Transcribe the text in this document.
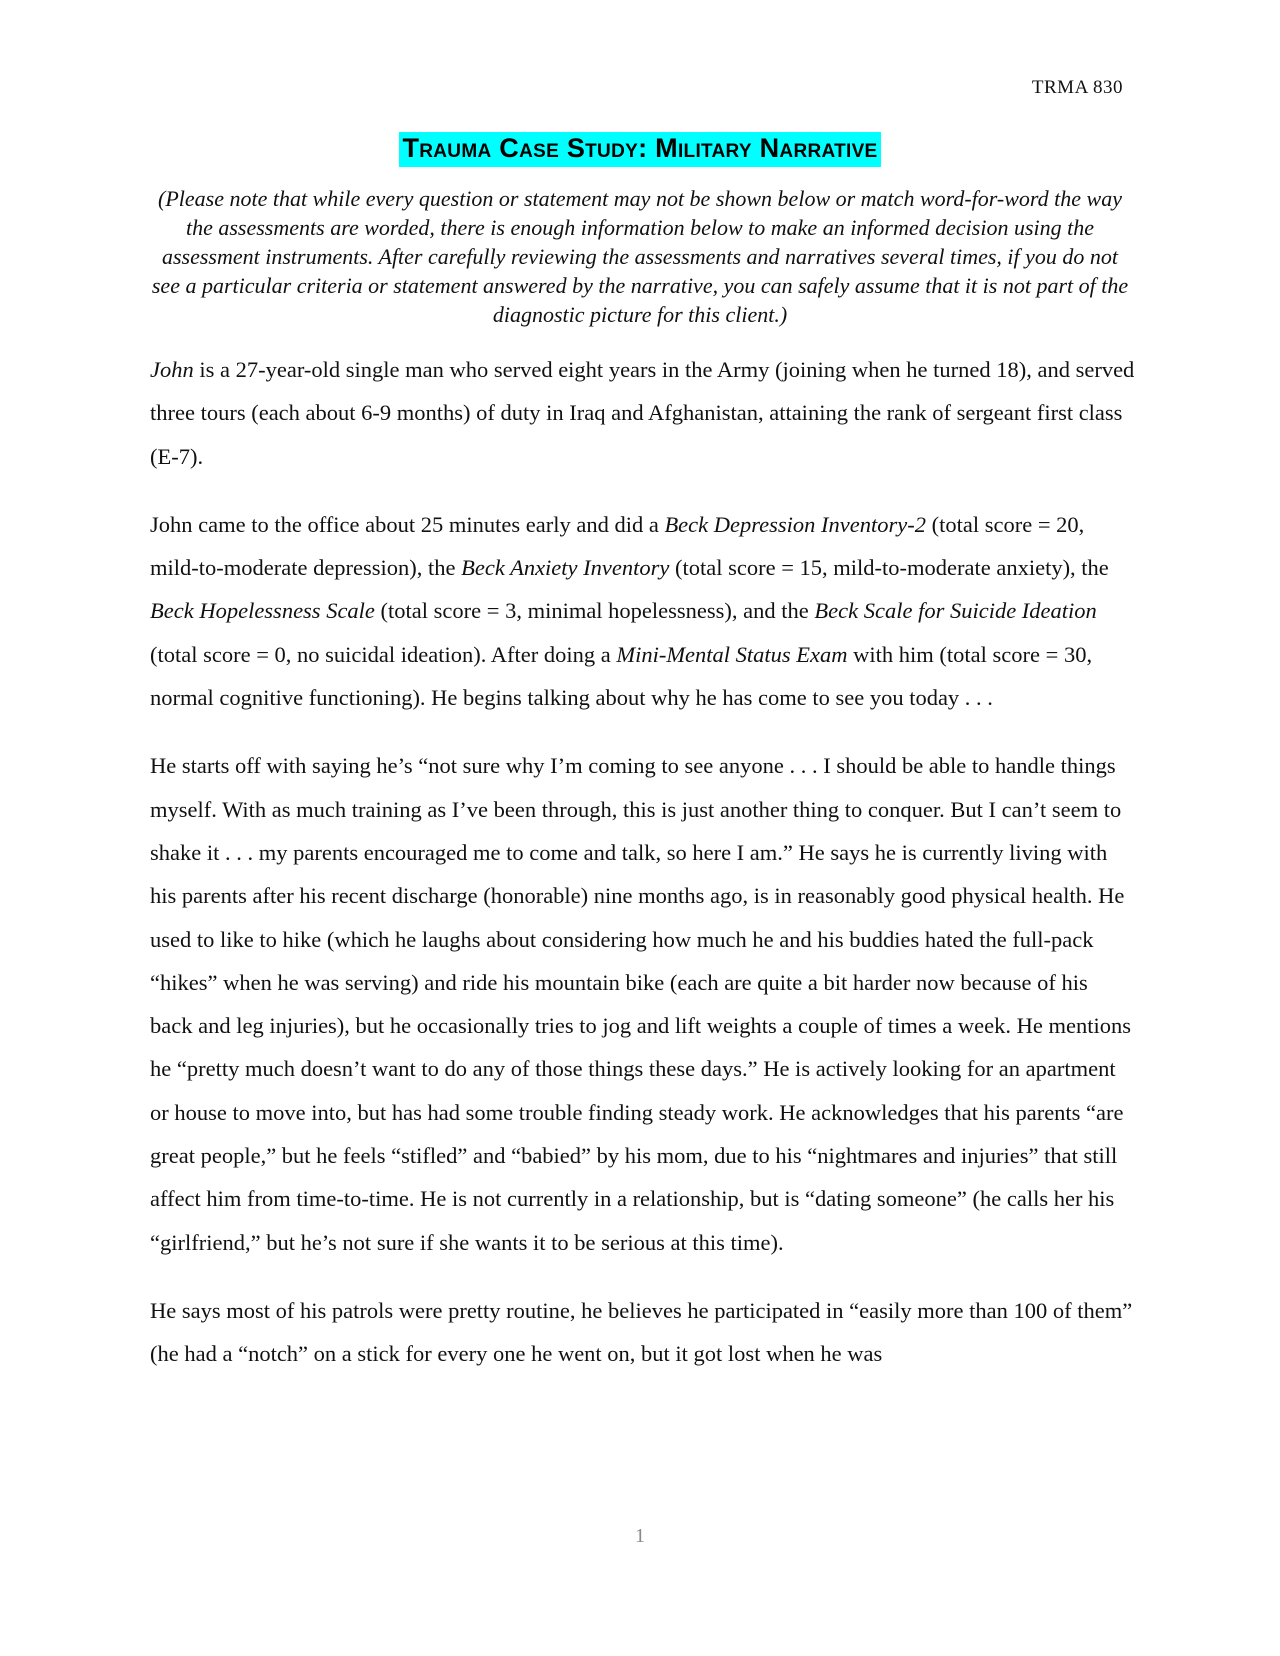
TRMA 830
Trauma Case Study: Military Narrative
(Please note that while every question or statement may not be shown below or match word-for-word the way the assessments are worded, there is enough information below to make an informed decision using the assessment instruments. After carefully reviewing the assessments and narratives several times, if you do not see a particular criteria or statement answered by the narrative, you can safely assume that it is not part of the diagnostic picture for this client.)

John is a 27-year-old single man who served eight years in the Army (joining when he turned 18), and served three tours (each about 6-9 months) of duty in Iraq and Afghanistan, attaining the rank of sergeant first class (E-7).

John came to the office about 25 minutes early and did a Beck Depression Inventory-2 (total score = 20, mild-to-moderate depression), the Beck Anxiety Inventory (total score = 15, mild-to-moderate anxiety), the Beck Hopelessness Scale (total score = 3, minimal hopelessness), and the Beck Scale for Suicide Ideation (total score = 0, no suicidal ideation). After doing a Mini-Mental Status Exam with him (total score = 30, normal cognitive functioning). He begins talking about why he has come to see you today . . .

He starts off with saying he’s “not sure why I’m coming to see anyone . . . I should be able to handle things myself. With as much training as I’ve been through, this is just another thing to conquer. But I can’t seem to shake it . . . my parents encouraged me to come and talk, so here I am.” He says he is currently living with his parents after his recent discharge (honorable) nine months ago, is in reasonably good physical health. He used to like to hike (which he laughs about considering how much he and his buddies hated the full-pack “hikes” when he was serving) and ride his mountain bike (each are quite a bit harder now because of his back and leg injuries), but he occasionally tries to jog and lift weights a couple of times a week. He mentions he “pretty much doesn’t want to do any of those things these days.” He is actively looking for an apartment or house to move into, but has had some trouble finding steady work. He acknowledges that his parents “are great people,” but he feels “stifled” and “babied” by his mom, due to his “nightmares and injuries” that still affect him from time-to-time. He is not currently in a relationship, but is “dating someone” (he calls her his “girlfriend,” but he’s not sure if she wants it to be serious at this time).

He says most of his patrols were pretty routine, he believes he participated in “easily more than 100 of them” (he had a “notch” on a stick for every one he went on, but it got lost when he was

1
